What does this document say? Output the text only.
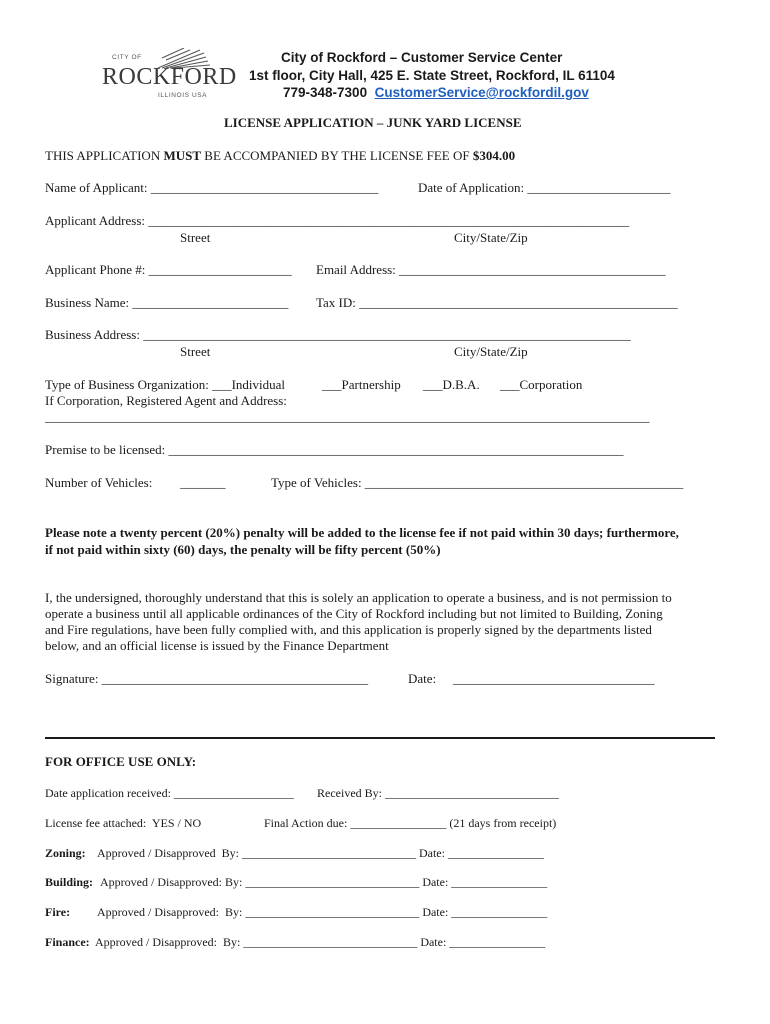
CITY OF
ROCKFORD
ILLINOIS USA
City of Rockford – Customer Service Center
1st floor, City Hall, 425 E. State Street, Rockford, IL 61104
779-348-7300 CustomerService@rockfordil.gov
LICENSE APPLICATION – JUNK YARD LICENSE
THIS APPLICATION MUST BE ACCOMPANIED BY THE LICENSE FEE OF $304.00
Name of Applicant: ___________________________________	Date of Application: ______________________
Applicant Address: __________________________________________________________________________
Street	City/State/Zip
Applicant Phone #: ______________________ Email Address: _________________________________________
Business Name: ________________________ Tax ID: _________________________________________________
Business Address: ___________________________________________________________________________
Street	City/State/Zip
Type of Business Organization: ___Individual	___Partnership ___D.B.A. ___Corporation
If Corporation, Registered Agent and Address:
_____________________________________________________________________________________________
Premise to be licensed: ______________________________________________________________________
Number of Vehicles: _______	Type of Vehicles: _________________________________________________
Please note a twenty percent (20%) penalty will be added to the license fee if not paid within 30 days; furthermore,
if not paid within sixty (60) days, the penalty will be fifty percent (50%)
I, the undersigned, thoroughly understand that this is solely an application to operate a business, and is not permission to
operate a business until all applicable ordinances of the City of Rockford including but not limited to Building, Zoning
and Fire regulations, have been fully complied with, and this application is properly signed by the departments listed
below, and an official license is issued by the Finance Department
Signature: _________________________________________	Date: _______________________________
FOR OFFICE USE ONLY:
Date application received: ____________________ Received By: _____________________________
License fee attached:  YES / NO	Final Action due: ________________ (21 days from receipt)
Zoning: Approved / Disapproved  By: _____________________________ Date: ________________
Building: Approved / Disapproved: By: _____________________________ Date: ________________
Fire: Approved / Disapproved:  By: _____________________________ Date: ________________
Finance: Approved / Disapproved:  By: _____________________________ Date: ________________
